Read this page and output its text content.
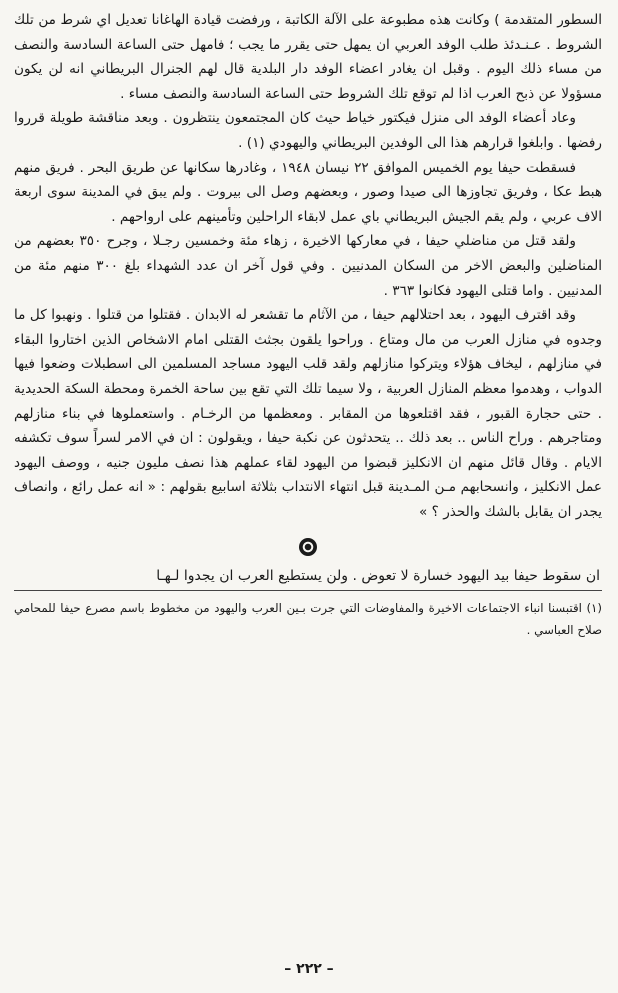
السطور المتقدمة ) وكانت هذه مطبوعة على الآلة الكاتبة ، ورفضت قيادة الهاغانا تعديل اي شرط من تلك الشروط . عـنـدئذ طلب الوفد العربي ان يمهل حتى يقرر ما يجب ؛ فامهل حتى الساعة السادسة والنصف من مساء ذلك اليوم . وقبل ان يغادر اعضاء الوفد دار البلدية قال لهم الجنرال البريطاني انه لن يكون مسؤولا عن ذبح العرب اذا لم توقع تلك الشروط حتى الساعة السادسة والنصف مساء .

وعاد أعضاء الوفد الى منزل فيكتور خياط حيث كان المجتمعون ينتظرون . وبعد مناقشة طويلة قرروا رفضها . وابلغوا قرارهم هذا الى الوفدين البريطاني واليهودي (١) .

فسقطت حيفا يوم الخميس الموافق ٢٢ نيسان ١٩٤٨ ، وغادرها سكانها عن طريق البحر . فريق منهم هبط عكا ، وفريق تجاوزها الى صيدا وصور ، وبعضهم وصل الى بيروت . ولم يبق في المدينة سوى اربعة الاف عربي ، ولم يقم الجيش البريطاني باي عمل لابقاء الراحلين وتأمينهم على ارواحهم .

ولقد قتل من مناضلي حيفا ، في معاركها الاخيرة ، زهاء مئة وخمسين رجـلا ، وجرح ٣٥٠ بعضهم من المناضلين والبعض الاخر من السكان المدنيين . وفي قول آخر ان عدد الشهداء بلغ ٣٠٠ منهم مئة من المدنيين . واما قتلى اليهود فكانوا ٣٦٣ .

وقد اقترف اليهود ، بعد احتلالهم حيفا ، من الآثام ما تقشعر له الابدان . فقتلوا من قتلوا . ونهبوا كل ما وجدوه في منازل العرب من مال ومتاع . وراحوا يلقون بجثث القتلى امام الاشخاص الذين اختاروا البقاء في منازلهم ، ليخاف هؤلاء ويتركوا منازلهم ولقد قلب اليهود مساجد المسلمين الى اسطبلات وضعوا فيها الدواب ، وهدموا معظم المنازل العربية ، ولا سيما تلك التي تقع بين ساحة الخمرة ومحطة السكة الحديدية . حتى حجارة القبور ، فقد اقتلعوها من المقابر . ومعظمها من الرخـام . واستعملوها في بناء منازلهم ومتاجرهم . وراح الناس .. بعد ذلك .. يتحدثون عن نكبة حيفا ، ويقولون : ان في الامر لسراً سوف تكشفه الايام . وقال قائل منهم ان الانكليز قبضوا من اليهود لقاء عملهم هذا نصف مليون جنيه ، ووصف اليهود عمل الانكليز ، وانسحابهم مـن المـدينة قبل انتهاء الانتداب بثلاثة اسابيع بقولهم : « انه عمل رائع ، وانصاف يجدر ان يقابل بالشك والحذر ؟ »

ان سقوط حيفا بيد اليهود خسارة لا تعوض . ولن يستطيع العرب ان يجدوا لـهـا

(١) اقتبسنا انباء الاجتماعات الاخيرة والمفاوضات التي جرت بـين العرب واليهود من مخطوط باسم مصرع حيفا للمحامي صلاح العباسي .

– ٢٢٢ –
